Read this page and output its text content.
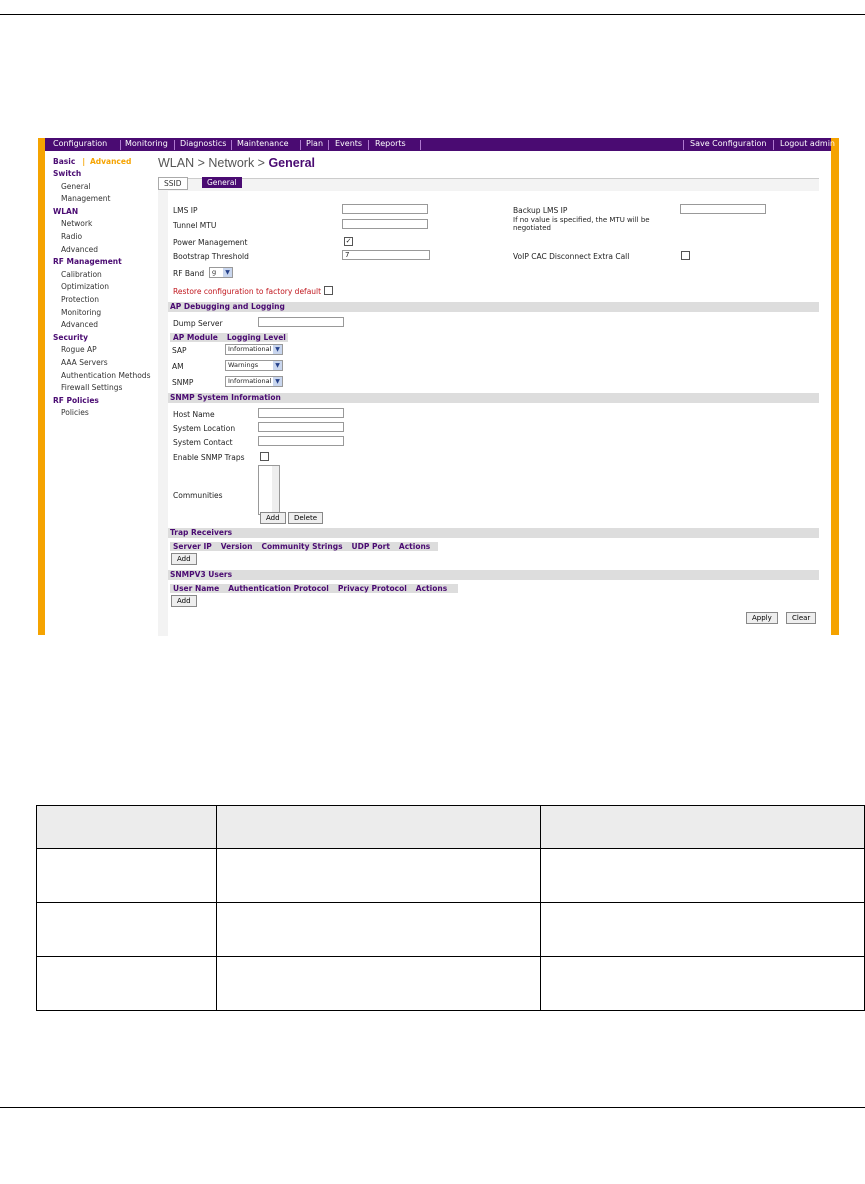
Configuration Monitoring Diagnostics Maintenance Plan Events Reports	Save Configuration Logout admin
Basic | Advanced
Switch
General
Management
WLAN
Network
Radio
Advanced
RF Management
Calibration
Optimization
Protection
Monitoring
Advanced
Security
Rogue AP
AAA Servers
Authentication Methods
Firewall Settings
RF Policies
Policies
WLAN > Network > General
SSID	General
LMS IP	Backup LMS IP
Tunnel MTU
If no value is specified, the MTU will be negotiated
Power Management	✓
Bootstrap Threshold	7	VoIP CAC Disconnect Extra Call
RF Band	g	▼
Restore configuration to factory default
AP Debugging and Logging
Dump Server
AP Module Logging Level
SAP	Informational ▼
AM	Warnings	▼
SNMP	Informational ▼
SNMP System Information
Host Name
System Location
System Contact
Enable SNMP Traps
Communities
Add	Delete
Trap Receivers
Server IP Version Community Strings UDP Port Actions
Add
SNMPV3 Users
User Name Authentication Protocol Privacy Protocol Actions
Add
Apply	Clear
